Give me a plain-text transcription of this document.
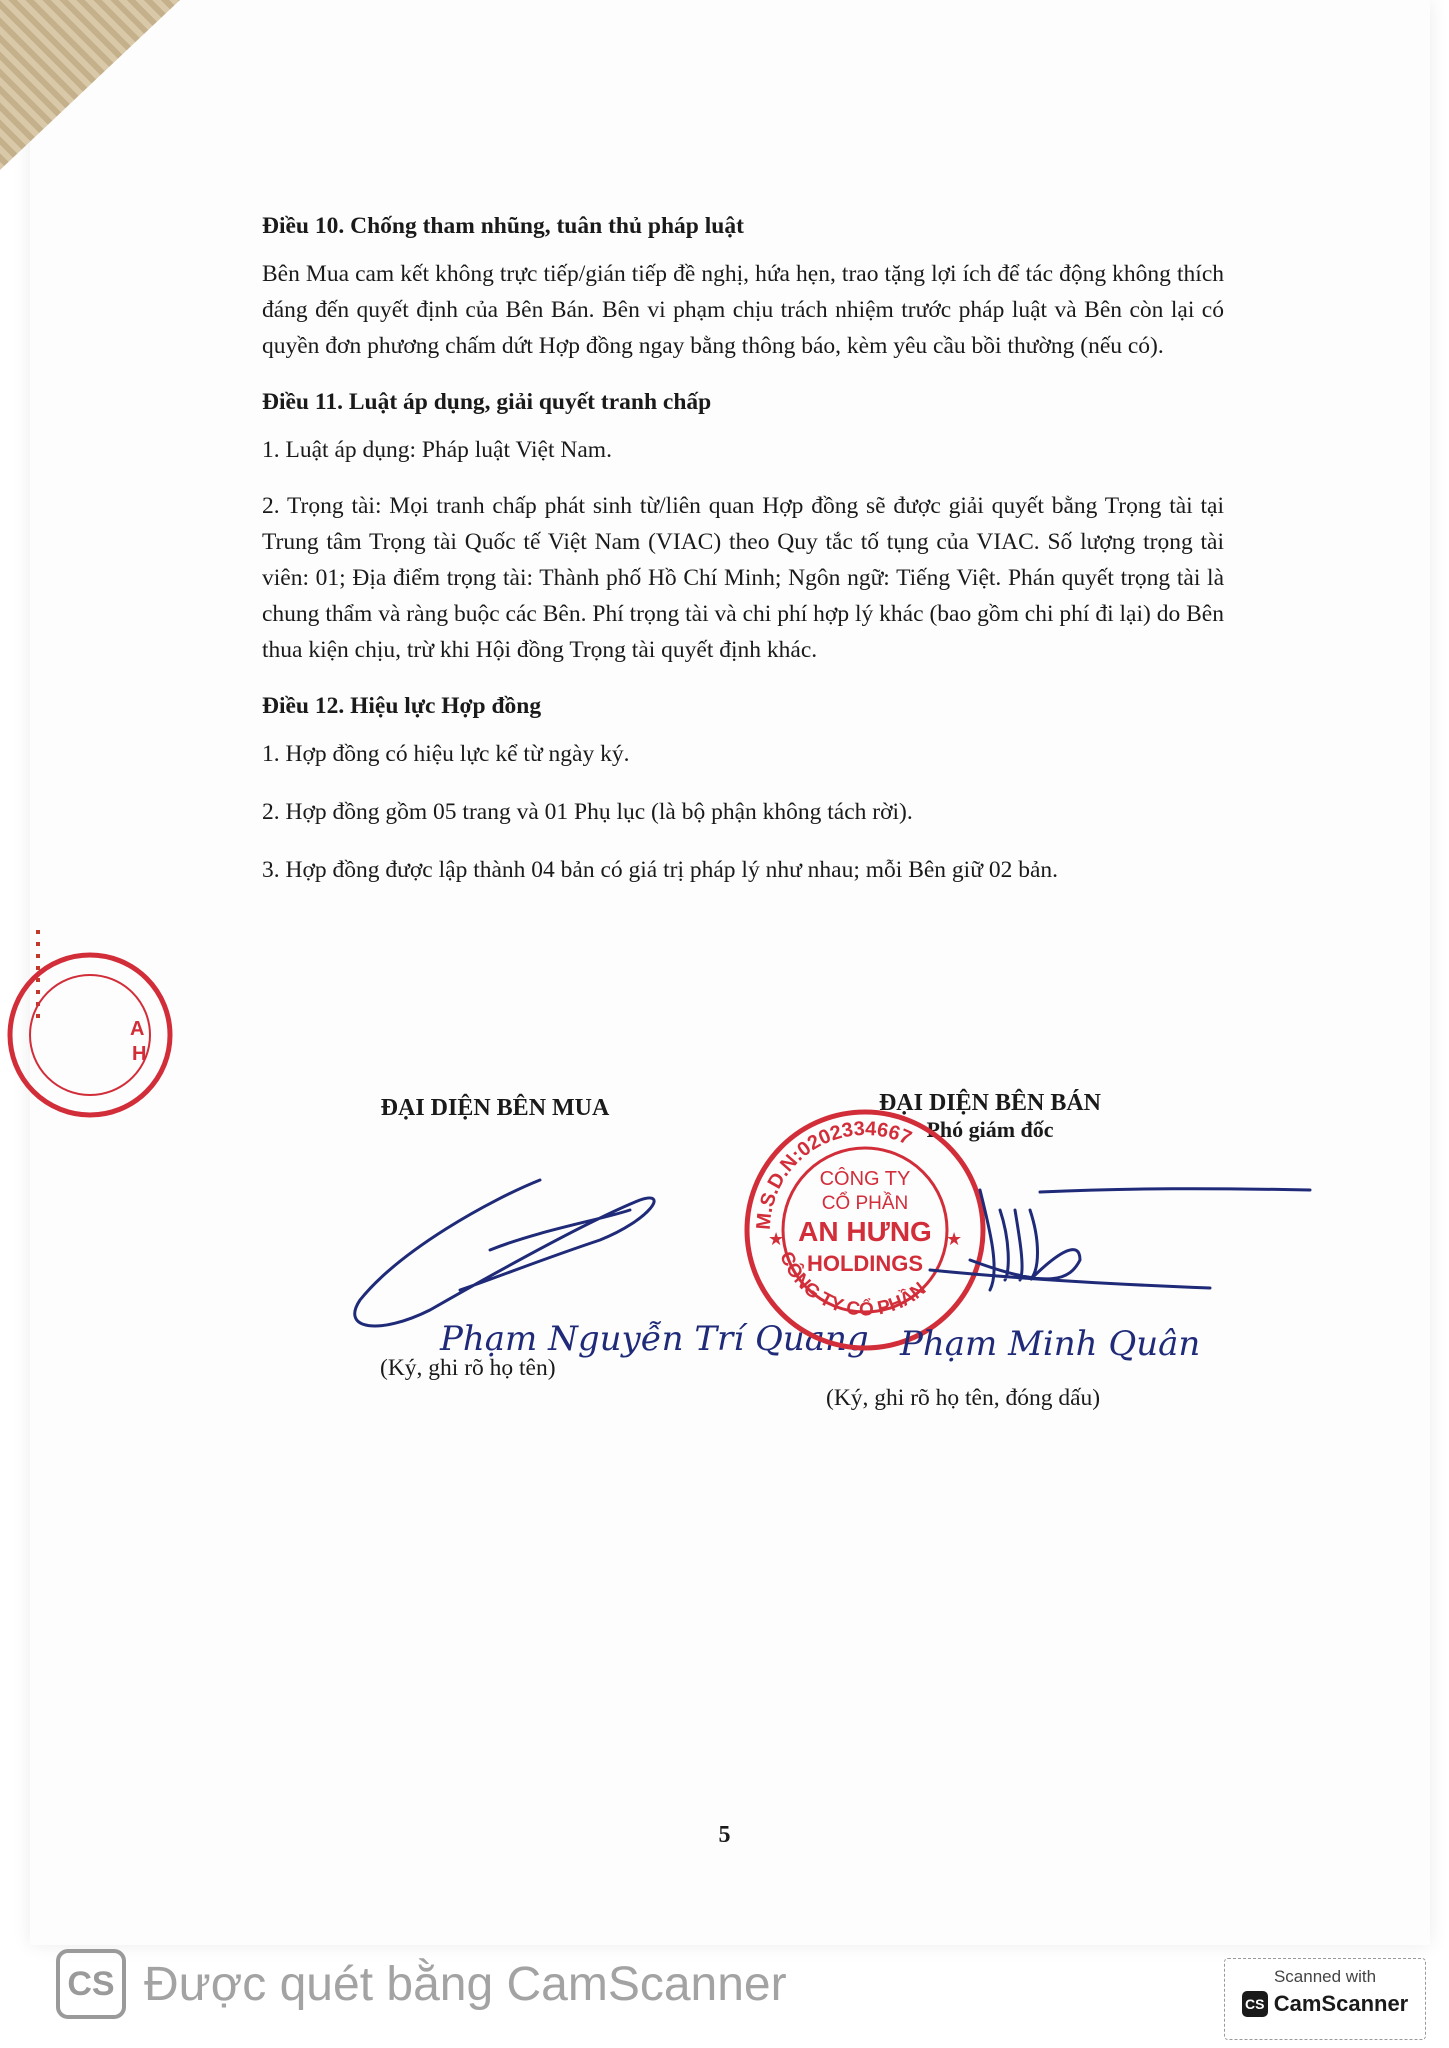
A
H
Điều 10. Chống tham nhũng, tuân thủ pháp luật
Bên Mua cam kết không trực tiếp/gián tiếp đề nghị, hứa hẹn, trao tặng lợi ích để tác động không thích đáng đến quyết định của Bên Bán. Bên vi phạm chịu trách nhiệm trước pháp luật và Bên còn lại có quyền đơn phương chấm dứt Hợp đồng ngay bằng thông báo, kèm yêu cầu bồi thường (nếu có).
Điều 11. Luật áp dụng, giải quyết tranh chấp
1. Luật áp dụng: Pháp luật Việt Nam.
2. Trọng tài: Mọi tranh chấp phát sinh từ/liên quan Hợp đồng sẽ được giải quyết bằng Trọng tài tại Trung tâm Trọng tài Quốc tế Việt Nam (VIAC) theo Quy tắc tố tụng của VIAC. Số lượng trọng tài viên: 01; Địa điểm trọng tài: Thành phố Hồ Chí Minh; Ngôn ngữ: Tiếng Việt. Phán quyết trọng tài là chung thẩm và ràng buộc các Bên. Phí trọng tài và chi phí hợp lý khác (bao gồm chi phí đi lại) do Bên thua kiện chịu, trừ khi Hội đồng Trọng tài quyết định khác.
Điều 12. Hiệu lực Hợp đồng
1. Hợp đồng có hiệu lực kể từ ngày ký.
2. Hợp đồng gồm 05 trang và 01 Phụ lục (là bộ phận không tách rời).
3. Hợp đồng được lập thành 04 bản có giá trị pháp lý như nhau; mỗi Bên giữ 02 bản.
ĐẠI DIỆN BÊN MUA
Phạm Nguyễn Trí Quang
(Ký, ghi rõ họ tên)
ĐẠI DIỆN BÊN BÁN
Phó giám đốc
M.S.D.N:0202334667
CÔNG TY CỔ PHẦN
CÔNG TY
CỔ PHẦN
AN HƯNG
HOLDINGS
★	★
Phạm Minh Quân
(Ký, ghi rõ họ tên, đóng dấu)
5
CS Được quét bằng CamScanner	Scanned with
CS CamScanner
